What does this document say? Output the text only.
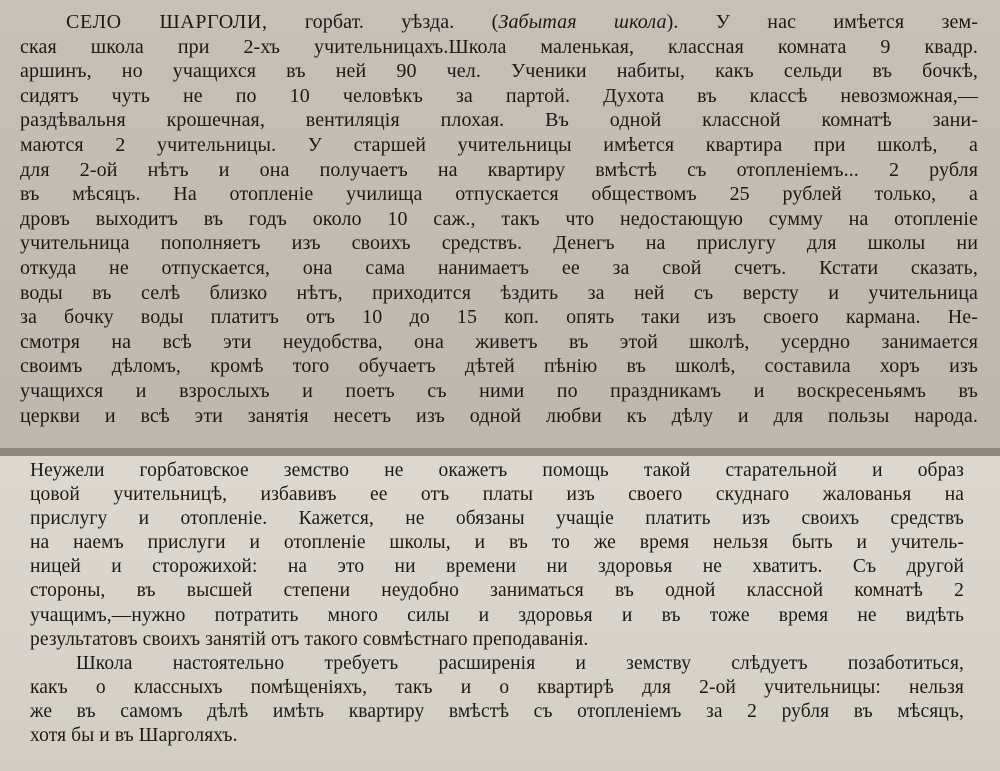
СЕЛО ШАРГОЛИ, горбат. уѣзда. (Забытая школа). У нас имѣется зем-
ская школа при 2-хъ учительницахъ.Школа маленькая, классная комната 9 квадр.
аршинъ, но учащихся въ ней 90 чел. Ученики набиты, какъ сельди въ бочкѣ,
сидятъ чуть не по 10 человѣкъ за партой. Духота въ классѣ невозможная,—
раздѣвальня крошечная, вентиляція плохая. Въ одной классной комнатѣ зани-
маются 2 учительницы. У старшей учительницы имѣется квартира при школѣ, а
для 2-ой нѣтъ и она получаетъ на квартиру вмѣстѣ съ отопленіемъ... 2 рубля
въ мѣсяцъ. На отопленіе училища отпускается обществомъ 25 рублей только, а
дровъ выходитъ въ годъ около 10 саж., такъ что недостающую сумму на отопленіе
учительница пополняетъ изъ своихъ средствъ. Денегъ на прислугу для школы ни
откуда не отпускается, она сама нанимаетъ ее за свой счетъ. Кстати сказать,
воды въ селѣ близко нѣтъ, приходится ѣздить за ней съ версту и учительница
за бочку воды платитъ отъ 10 до 15 коп. опять таки изъ своего кармана. Не-
смотря на всѣ эти неудобства, она живетъ въ этой школѣ, усердно занимается
своимъ дѣломъ, кромѣ того обучаетъ дѣтей пѣнію въ школѣ, составила хоръ изъ
учащихся и взрослыхъ и поетъ съ ними по праздникамъ и воскресеньямъ въ
церкви и всѣ эти занятія несетъ изъ одной любви къ дѣлу и для пользы народа.
Неужели горбатовское земство не окажетъ помощь такой старательной и образ
цовой учительницѣ, избавивъ ее отъ платы изъ своего скуднаго жалованья на
прислугу и отопленіе. Кажется, не обязаны учащіе платить изъ своихъ средствъ
на наемъ прислуги и отопленіе школы, и въ то же время нельзя быть и учитель-
ницей и сторожихой: на это ни времени ни здоровья не хватитъ. Съ другой
стороны, въ высшей степени неудобно заниматься въ одной классной комнатѣ 2
учащимъ,—нужно потратить много силы и здоровья и въ тоже время не видѣть
результатовъ своихъ занятій отъ такого совмѣстнаго преподаванія.
Школа настоятельно требуетъ расширенія и земству слѣдуетъ позаботиться,
какъ о классныхъ помѣщеніяхъ, такъ и о квартирѣ для 2-ой учительницы: нельзя
же въ самомъ дѣлѣ имѣть квартиру вмѣстѣ съ отопленіемъ за 2 рубля въ мѣсяцъ,
хотя бы и въ Шарголяхъ.
